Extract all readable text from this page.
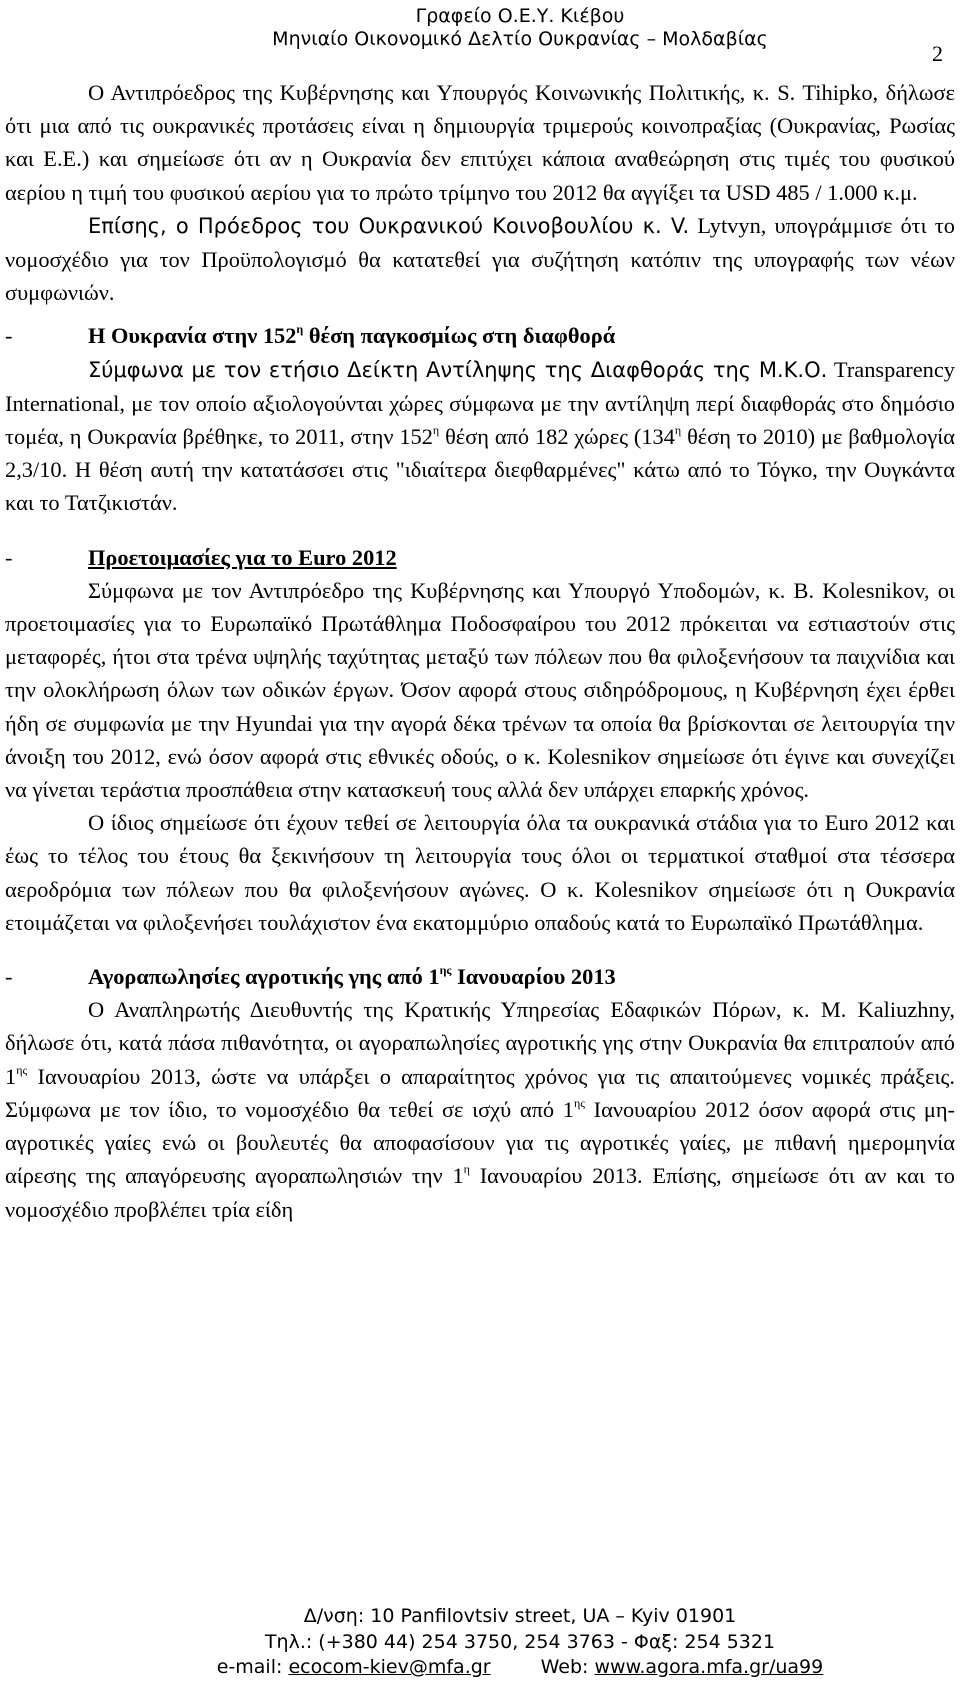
Γραφείο Ο.Ε.Υ. Κιέβου
Μηνιαίο Οικονομικό Δελτίο Ουκρανίας – Μολδαβίας
2

Ο Αντιπρόεδρος της Κυβέρνησης και Υπουργός Κοινωνικής Πολιτικής, κ. S. Tihipko, δήλωσε ότι μια από τις ουκρανικές προτάσεις είναι η δημιουργία τριμερούς κοινοπραξίας (Ουκρανίας, Ρωσίας και Ε.Ε.) και σημείωσε ότι αν η Ουκρανία δεν επιτύχει κάποια αναθεώρηση στις τιμές του φυσικού αερίου η τιμή του φυσικού αερίου για το πρώτο τρίμηνο του 2012 θα αγγίξει τα USD 485 / 1.000 κ.μ.

Επίσης, ο Πρόεδρος του Ουκρανικού Κοινοβουλίου κ. V. Lytvyn, υπογράμμισε ότι το νομοσχέδιο για τον Προϋπολογισμό θα κατατεθεί για συζήτηση κατόπιν της υπογραφής των νέων συμφωνιών.

-	Η Ουκρανία στην $152^\eta$ θέση παγκοσμίως στη διαφθορά

Σύμφωνα με τον ετήσιο Δείκτη Αντίληψης της Διαφθοράς της Μ.Κ.Ο. Transparency International, με τον οποίο αξιολογούνται χώρες σύμφωνα με την αντίληψη περί διαφθοράς στο δημόσιο τομέα, η Ουκρανία βρέθηκε, το 2011, στην $152^\eta$ θέση από 182 χώρες ($134^\eta$ θέση το 2010) με βαθμολογία 2,3/10. Η θέση αυτή την κατατάσσει στις "ιδιαίτερα διεφθαρμένες" κάτω από το Τόγκο, την Ουγκάντα και το Τατζικιστάν.

-	Προετοιμασίες για το Euro 2012

Σύμφωνα με τον Αντιπρόεδρο της Κυβέρνησης και Υπουργό Υποδομών, κ. B. Kolesnikov, οι προετοιμασίες για το Ευρωπαϊκό Πρωτάθλημα Ποδοσφαίρου του 2012 πρόκειται να εστιαστούν στις μεταφορές, ήτοι στα τρένα υψηλής ταχύτητας μεταξύ των πόλεων που θα φιλοξενήσουν τα παιχνίδια και την ολοκλήρωση όλων των οδικών έργων. Όσον αφορά στους σιδηρόδρομους, η Κυβέρνηση έχει έρθει ήδη σε συμφωνία με την Hyundai για την αγορά δέκα τρένων τα οποία θα βρίσκονται σε λειτουργία την άνοιξη του 2012, ενώ όσον αφορά στις εθνικές οδούς, ο κ. Kolesnikov σημείωσε ότι έγινε και συνεχίζει να γίνεται τεράστια προσπάθεια στην κατασκευή τους αλλά δεν υπάρχει επαρκής χρόνος.

Ο ίδιος σημείωσε ότι έχουν τεθεί σε λειτουργία όλα τα ουκρανικά στάδια για το Euro 2012 και έως το τέλος του έτους θα ξεκινήσουν τη λειτουργία τους όλοι οι τερματικοί σταθμοί στα τέσσερα αεροδρόμια των πόλεων που θα φιλοξενήσουν αγώνες. Ο κ. Kolesnikov σημείωσε ότι η Ουκρανία ετοιμάζεται να φιλοξενήσει τουλάχιστον ένα εκατομμύριο οπαδούς κατά το Ευρωπαϊκό Πρωτάθλημα.

-	Αγοραπωλησίες αγροτικής γης από $1^{\eta\varsigma}$ Ιανουαρίου 2013

Ο Αναπληρωτής Διευθυντής της Κρατικής Υπηρεσίας Εδαφικών Πόρων, κ. M. Kaliuzhny, δήλωσε ότι, κατά πάσα πιθανότητα, οι αγοραπωλησίες αγροτικής γης στην Ουκρανία θα επιτραπούν από $1^{\eta\varsigma}$ Ιανουαρίου 2013, ώστε να υπάρξει ο απαραίτητος χρόνος για τις απαιτούμενες νομικές πράξεις. Σύμφωνα με τον ίδιο, το νομοσχέδιο θα τεθεί σε ισχύ από $1^{\eta\varsigma}$ Ιανουαρίου 2012 όσον αφορά στις μη-αγροτικές γαίες ενώ οι βουλευτές θα αποφασίσουν για τις αγροτικές γαίες, με πιθανή ημερομηνία αίρεσης της απαγόρευσης αγοραπωλησιών την $1^\eta$ Ιανουαρίου 2013. Επίσης, σημείωσε ότι αν και το νομοσχέδιο προβλέπει τρία είδη

Δ/νση: 10 Panfilovtsiv street, UA – Kyiv 01901
Τηλ.: (+380 44) 254 3750, 254 3763 - Φαξ: 254 5321
e-mail: ecocom-kiev@mfa.gr	Web: www.agora.mfa.gr/ua99
